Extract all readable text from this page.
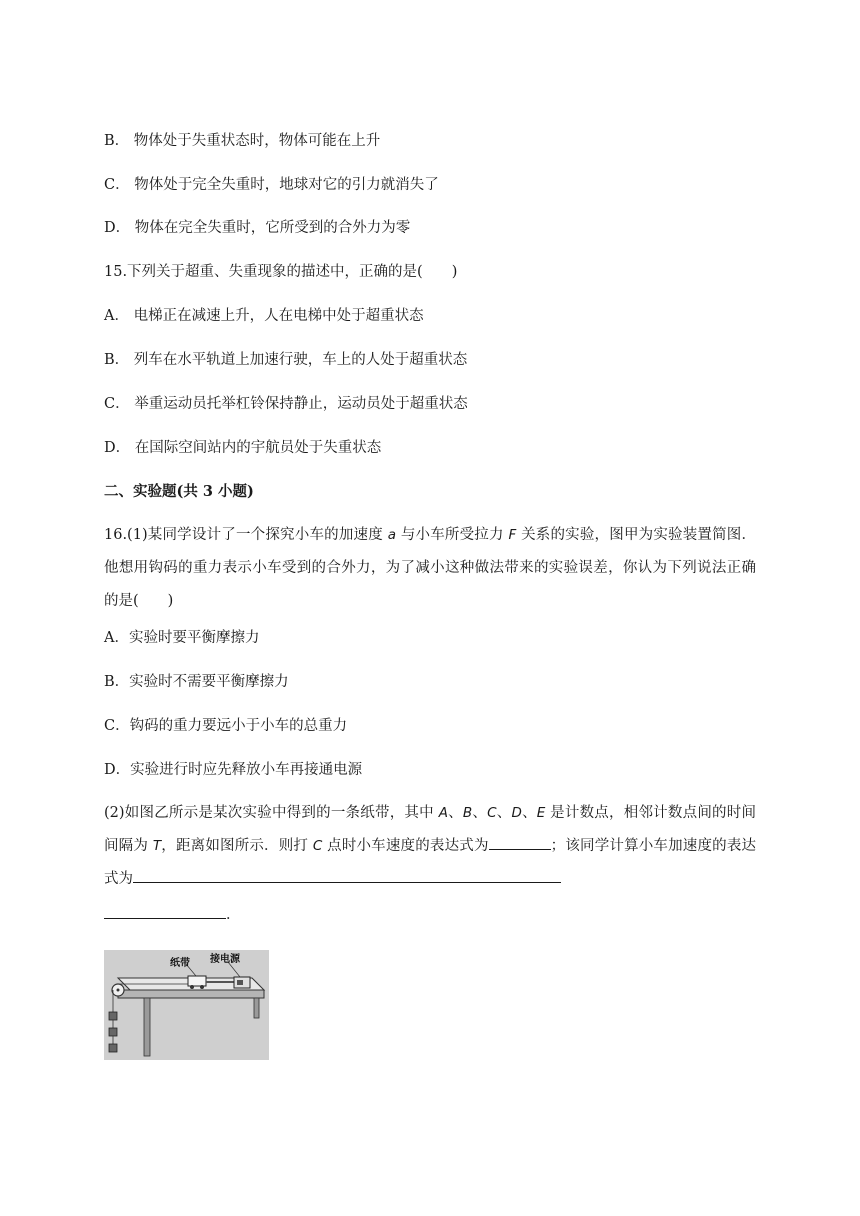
B． 物体处于失重状态时，物体可能在上升
C． 物体处于完全失重时，地球对它的引力就消失了
D． 物体在完全失重时，它所受到的合外力为零
15.下列关于超重、失重现象的描述中，正确的是(　　)
A． 电梯正在减速上升，人在电梯中处于超重状态
B． 列车在水平轨道上加速行驶，车上的人处于超重状态
C． 举重运动员托举杠铃保持静止，运动员处于超重状态
D． 在国际空间站内的宇航员处于失重状态
二、实验题(共 3 小题)
16.(1)某同学设计了一个探究小车的加速度 a 与小车所受拉力 F 关系的实验，图甲为实验装置简图．他想用钩码的重力表示小车受到的合外力，为了减小这种做法带来的实验误差，你认为下列说法正确的是(　　)
A．实验时要平衡摩擦力
B．实验时不需要平衡摩擦力
C．钩码的重力要远小于小车的总重力
D．实验进行时应先释放小车再接通电源
(2)如图乙所示是某次实验中得到的一条纸带，其中 A、B、C、D、E 是计数点，相邻计数点间的时间间隔为 T，距离如图所示．则打 C 点时小车速度的表达式为	；该同学计算小车加速度的表达式为
．
纸带 接电源
